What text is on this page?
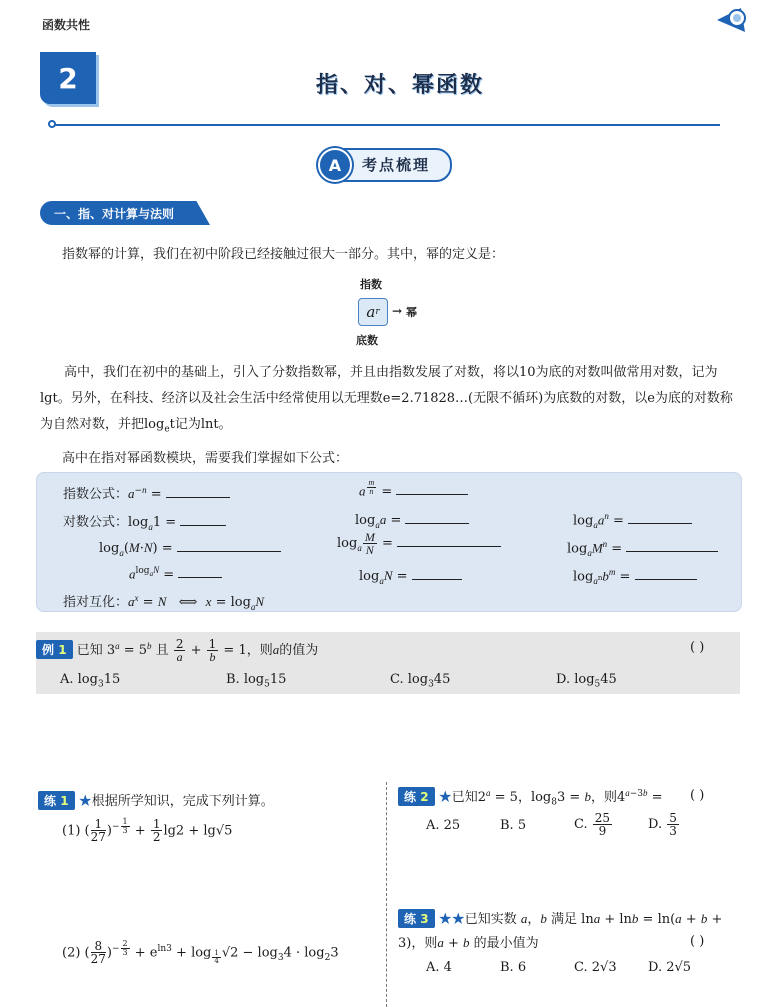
函数共性
2	指、对、幂函数
A	考点梳理
一、指、对计算与法则

指数幂的计算，我们在初中阶段已经接触过很大一部分。其中，幂的定义是：

指数
a r → 幂
底数

高中，我们在初中的基础上，引入了分数指数幂，并且由指数发展了对数，将以10为底的对数叫做常用对数，记为lgt。另外，在科技、经济以及社会生活中经常使用以无理数e=2.71828…(无限不循环)为底数的对数，以e为底的对数称为自然对数，并把$\log_et$记为lnt。

高中在指对幂函数模块，需要我们掌握如下公式：

指数公式：$a^{-n}$ =	a $^{\frac{m}{n}}$ =
对数公式：$\log_a1$ =	$\log_aa$ =	$\log_aa^n$ =
$\log_a(M\cdot N)$ =	$\log_a \frac{M}{N}$ =	$\log_aM^n$ =
$a^{log_aN}$ =	$\log_aN$ =	$\log_{a^n}b^m$ =
指对互化：$a^x = N$   ⟺  $x = \log_aN$
例 1 已知 $3^a = 5^b$ 且 $\frac{2}{a} + \frac{1}{b} = 1$，则a的值为	( )
A. $\log_315$	B. $\log_515$	C. $\log_345$	D. $\log_545$
练 1 ★根据所学知识，完成下列计算。
(1) ( $\frac{1}{27} )^{- \frac{1}{3}} + \frac{1}{2} \lg 2 + \lg√5$
(2) ( $\frac{8}{27} )^{- \frac{2}{3}} + e^{ln3} + \log _{\frac{1}{4}}$ $√2 - \log_34 \cdot \log_23$
练 2 ★已知$2^a = 5$，$\log_83 = b$，则$4^{a-3b}$ = ( )
A. 25	B. 5	C. $\frac{25}{9}$	D. $\frac{5}{3}$
练 3 ★★已知实数 a，b 满足 lna + lnb = ln(a + b +
3)，则a + b 的最小值为	( )
A. 4	B. 6	C. 2√3 D. 2√5
